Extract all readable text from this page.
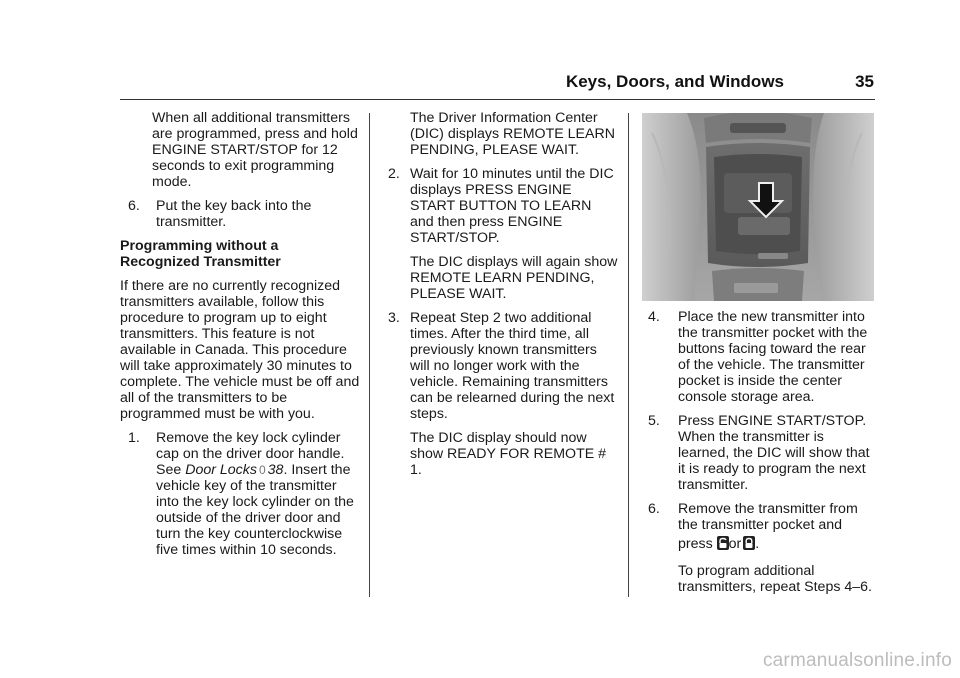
Keys, Doors, and Windows	35

When all additional transmitters are programmed, press and hold ENGINE START/STOP for 12 seconds to exit programming mode.

6.	Put the key back into the transmitter.

Programming without a Recognized Transmitter

If there are no currently recognized transmitters available, follow this procedure to program up to eight transmitters. This feature is not available in Canada. This procedure will take approximately 30 minutes to complete. The vehicle must be off and all of the transmitters to be programmed must be with you.

1.	Remove the key lock cylinder cap on the driver door handle. See Door Locks 0 38. Insert the vehicle key of the transmitter into the key lock cylinder on the outside of the driver door and turn the key counterclockwise five times within 10 seconds.

The Driver Information Center (DIC) displays REMOTE LEARN PENDING, PLEASE WAIT.

2. Wait for 10 minutes until the DIC displays PRESS ENGINE START BUTTON TO LEARN and then press ENGINE START/STOP.

The DIC displays will again show REMOTE LEARN PENDING, PLEASE WAIT.

3. Repeat Step 2 two additional times. After the third time, all previously known transmitters will no longer work with the vehicle. Remaining transmitters can be relearned during the next steps.

The DIC display should now show READY FOR REMOTE # 1.

4.	Place the new transmitter into the transmitter pocket with the buttons facing toward the rear of the vehicle. The transmitter pocket is inside the center console storage area.
5.	Press ENGINE START/STOP. When the transmitter is learned, the DIC will show that it is ready to program the next transmitter.
6.	Remove the transmitter from the transmitter pocket and
press or .

To program additional transmitters, repeat Steps 4–6.

carmanualsonline.info
